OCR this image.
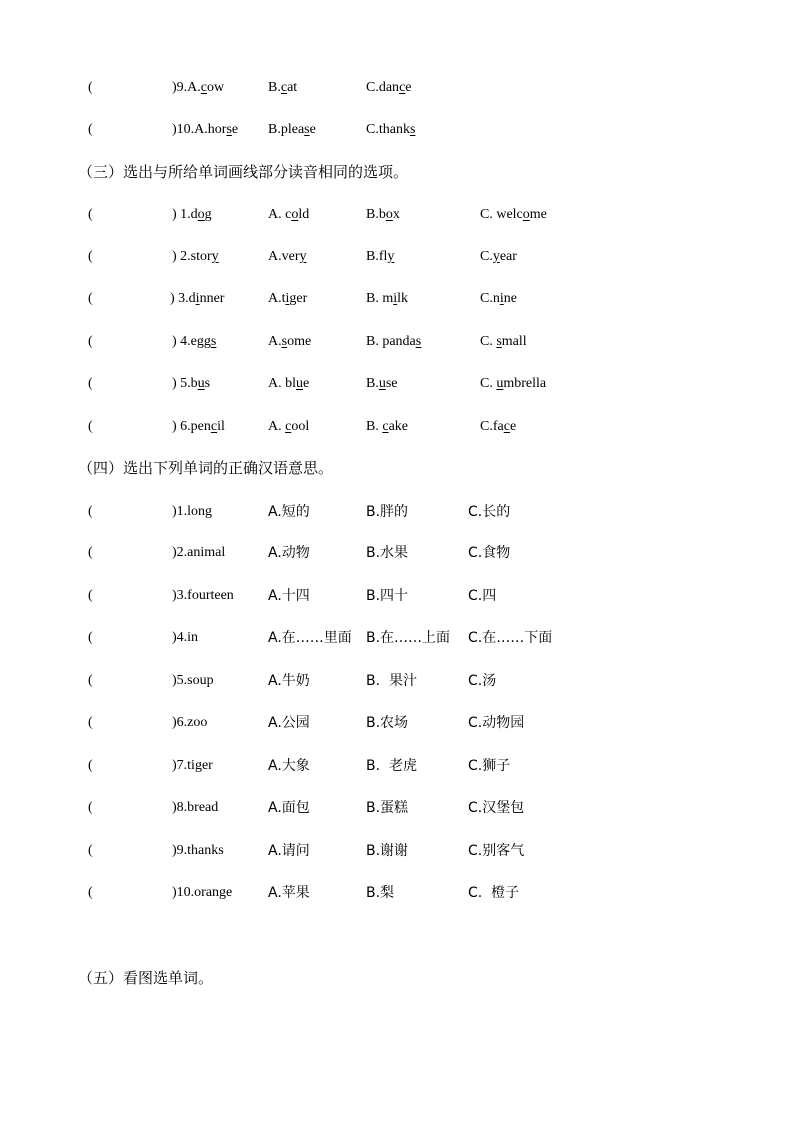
(	)9.A.cow	B.cat	C.dance
(	)10.A.horse B.please	C.thanks
（三）选出与所给单词画线部分读音相同的选项。
(	) 1.dog	A. cold	B.box	C. welcome
(	) 2.story	A.very	B.fly	C.year
(	) 3.dinner	A.tiger	B. milk	C.nine
(	) 4.eggs	A.some	B. pandas	C. small
(	) 5.bus	A. blue	B.use	C. umbrella
(	) 6.pencil	A. cool	B. cake	C.face
（四）选出下列单词的正确汉语意思。
(	)1.long	A.短的	B.胖的	C.长的
(	)2.animal	A.动物	B.水果	C.食物
(	)3.fourteen A.十四	B.四十	C.四
(	)4.in	A.在……里面 B.在……上面 C.在……下面
(	)5.soup	A.牛奶	B.  果汁	C.汤
(	)6.zoo	A.公园	B.农场	C.动物园
(	)7.tiger	A.大象	B.  老虎	C.狮子
(	)8.bread	A.面包	B.蛋糕	C.汉堡包
(	)9.thanks	A.请问	B.谢谢	C.别客气
(	)10.orange	A.苹果	B.梨	C.  橙子
（五）看图选单词。
